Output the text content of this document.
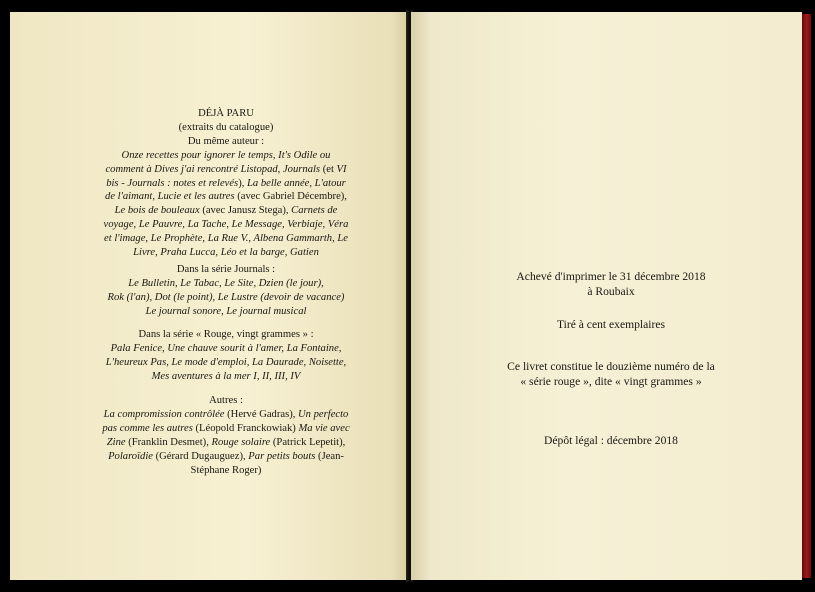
DÉJÀ PARU

(extraits du catalogue)

Du même auteur :

Onze recettes pour ignorer le temps, It's Odile ou

comment à Dives j'ai rencontré Listopad, Journals (et VI

bis - Journals : notes et relevés), La belle année, L'atour

de l'aimant, Lucie et les autres (avec Gabriel Décembre),

Le bois de bouleaux (avec Janusz Stega), Carnets de

voyage, Le Pauvre, La Tache, Le Message, Verbiaje, Véra

et l'image, Le Prophète, La Rue V., Albena Gammarth, Le

Livre, Praha Lucca, Léo et la barge, Gatien

Dans la série Journals :

Le Bulletin, Le Tabac, Le Site, Dzien (le jour),

Rok (l'an), Dot (le point), Le Lustre (devoir de vacance)

Le journal sonore, Le journal musical

Dans la série « Rouge, vingt grammes » :

Pala Fenice, Une chauve sourit à l'amer, La Fontaine,

L'heureux Pas, Le mode d'emploi, La Daurade, Noisette,

Mes aventures à la mer I, II, III, IV

Autres :

La compromission contrôlée (Hervé Gadras), Un perfecto

pas comme les autres (Léopold Franckowiak) Ma vie avec

Zine (Franklin Desmet), Rouge solaire (Patrick Lepetit),

Polaroïdie (Gérard Dugauguez), Par petits bouts (Jean-

Stéphane Roger)

Achevé d'imprimer le 31 décembre 2018

à Roubaix

Tiré à cent exemplaires

Ce livret constitue le douzième numéro de la

« série rouge », dite « vingt grammes »

Dépôt légal : décembre 2018
